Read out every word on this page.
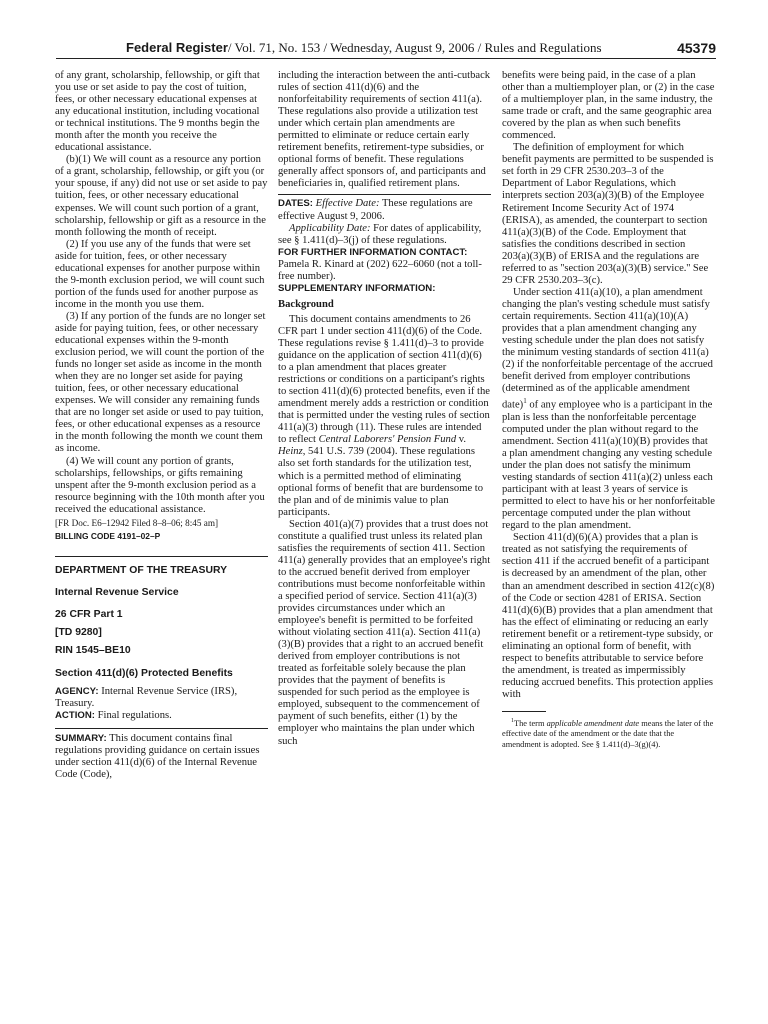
Federal Register/ Vol. 71, No. 153 / Wednesday, August 9, 2006 / Rules and Regulations	45379

of any grant, scholarship, fellowship, or gift that you use or set aside to pay the cost of tuition, fees, or other necessary educational expenses at any educational institution, including vocational or technical institutions. The 9 months begin the month after the month you receive the educational assistance.

(b)(1) We will count as a resource any portion of a grant, scholarship, fellowship, or gift you (or your spouse, if any) did not use or set aside to pay tuition, fees, or other necessary educational expenses. We will count such portion of a grant, scholarship, fellowship or gift as a resource in the month following the month of receipt.

(2) If you use any of the funds that were set aside for tuition, fees, or other necessary educational expenses for another purpose within the 9-month exclusion period, we will count such portion of the funds used for another purpose as income in the month you use them.

(3) If any portion of the funds are no longer set aside for paying tuition, fees, or other necessary educational expenses within the 9-month exclusion period, we will count the portion of the funds no longer set aside as income in the month when they are no longer set aside for paying tuition, fees, or other necessary educational expenses. We will consider any remaining funds that are no longer set aside or used to pay tuition, fees, or other educational expenses as a resource in the month following the month we count them as income.

(4) We will count any portion of grants, scholarships, fellowships, or gifts remaining unspent after the 9-month exclusion period as a resource beginning with the 10th month after you received the educational assistance.

[FR Doc. E6–12942 Filed 8–8–06; 8:45 am]

BILLING CODE 4191–02–P

DEPARTMENT OF THE TREASURY

Internal Revenue Service

26 CFR Part 1

[TD 9280]

RIN 1545–BE10

Section 411(d)(6) Protected Benefits

AGENCY: Internal Revenue Service (IRS), Treasury.

ACTION: Final regulations.

SUMMARY: This document contains final regulations providing guidance on certain issues under section 411(d)(6) of the Internal Revenue Code (Code),

including the interaction between the anti-cutback rules of section 411(d)(6) and the nonforfeitability requirements of section 411(a). These regulations also provide a utilization test under which certain plan amendments are permitted to eliminate or reduce certain early retirement benefits, retirement-type subsidies, or optional forms of benefit. These regulations generally affect sponsors of, and participants and beneficiaries in, qualified retirement plans.

DATES: Effective Date: These regulations are effective August 9, 2006.

Applicability Date: For dates of applicability, see § 1.411(d)–3(j) of these regulations.

FOR FURTHER INFORMATION CONTACT:
Pamela R. Kinard at (202) 622–6060 (not a toll-free number).

SUPPLEMENTARY INFORMATION:

Background

This document contains amendments to 26 CFR part 1 under section 411(d)(6) of the Code. These regulations revise § 1.411(d)–3 to provide guidance on the application of section 411(d)(6) to a plan amendment that places greater restrictions or conditions on a participant's rights to section 411(d)(6) protected benefits, even if the amendment merely adds a restriction or condition that is permitted under the vesting rules of section 411(a)(3) through (11). These rules are intended to reflect Central Laborers' Pension Fund v. Heinz, 541 U.S. 739 (2004). These regulations also set forth standards for the utilization test, which is a permitted method of eliminating optional forms of benefit that are burdensome to the plan and of de minimis value to plan participants.

Section 401(a)(7) provides that a trust does not constitute a qualified trust unless its related plan satisfies the requirements of section 411. Section 411(a) generally provides that an employee's right to the accrued benefit derived from employer contributions must become nonforfeitable within a specified period of service. Section 411(a)(3) provides circumstances under which an employee's benefit is permitted to be forfeited without violating section 411(a). Section 411(a)(3)(B) provides that a right to an accrued benefit derived from employer contributions is not treated as forfeitable solely because the plan provides that the payment of benefits is suspended for such period as the employee is employed, subsequent to the commencement of payment of such benefits, either (1) by the employer who maintains the plan under which such

benefits were being paid, in the case of a plan other than a multiemployer plan, or (2) in the case of a multiemployer plan, in the same industry, the same trade or craft, and the same geographic area covered by the plan as when such benefits commenced.

The definition of employment for which benefit payments are permitted to be suspended is set forth in 29 CFR 2530.203–3 of the Department of Labor Regulations, which interprets section 203(a)(3)(B) of the Employee Retirement Income Security Act of 1974 (ERISA), as amended, the counterpart to section 411(a)(3)(B) of the Code. Employment that satisfies the conditions described in section 203(a)(3)(B) of ERISA and the regulations are referred to as ''section 203(a)(3)(B) service.'' See 29 CFR 2530.203–3(c).

Under section 411(a)(10), a plan amendment changing the plan's vesting schedule must satisfy certain requirements. Section 411(a)(10)(A) provides that a plan amendment changing any vesting schedule under the plan does not satisfy the minimum vesting standards of section 411(a)(2) if the nonforfeitable percentage of the accrued benefit derived from employer contributions (determined as of the applicable amendment date)$^1$ of any employee who is a participant in the plan is less than the nonforfeitable percentage computed under the plan without regard to the amendment. Section 411(a)(10)(B) provides that a plan amendment changing any vesting schedule under the plan does not satisfy the minimum vesting standards of section 411(a)(2) unless each participant with at least 3 years of service is permitted to elect to have his or her nonforfeitable percentage computed under the plan without regard to the plan amendment.

Section 411(d)(6)(A) provides that a plan is treated as not satisfying the requirements of section 411 if the accrued benefit of a participant is decreased by an amendment of the plan, other than an amendment described in section 412(c)(8) of the Code or section 4281 of ERISA. Section 411(d)(6)(B) provides that a plan amendment that has the effect of eliminating or reducing an early retirement benefit or a retirement-type subsidy, or eliminating an optional form of benefit, with respect to benefits attributable to service before the amendment, is treated as impermissibly reducing accrued benefits. This protection applies with

$^1$The term applicable amendment date means the later of the effective date of the amendment or the date that the amendment is adopted. See § 1.411(d)–3(g)(4).
